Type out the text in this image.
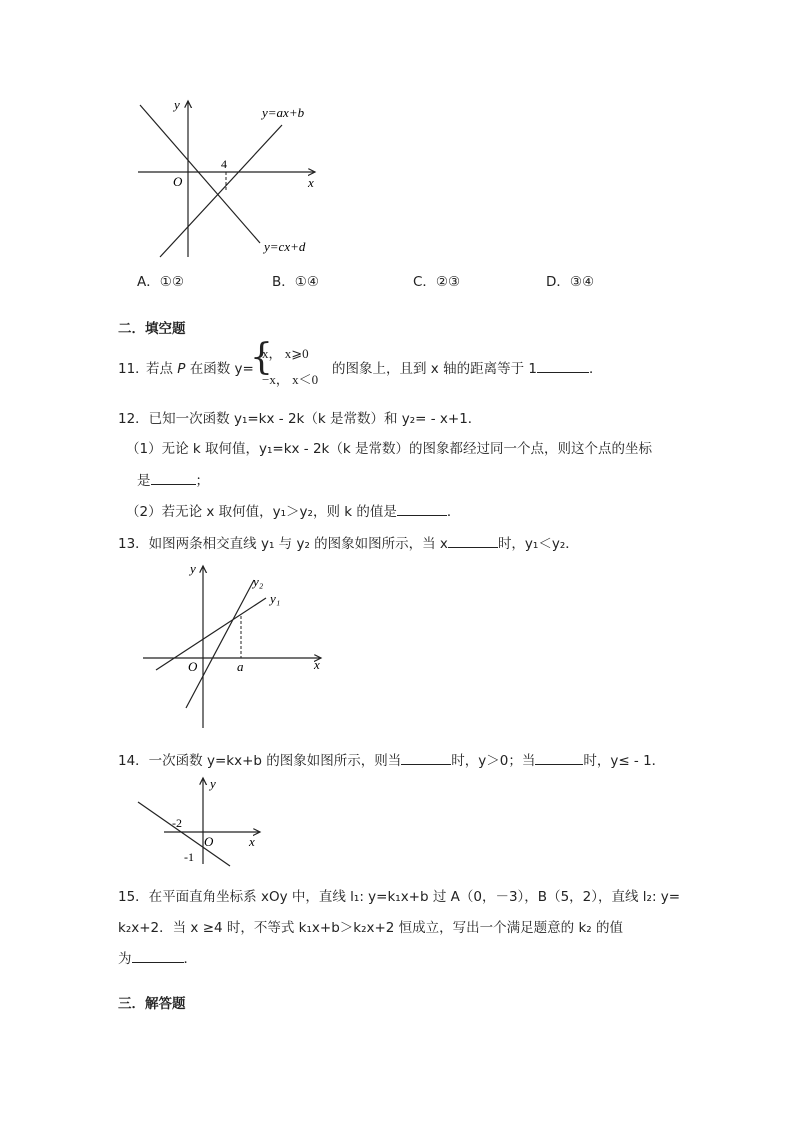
y
x
O
4
y=ax+b
y=cx+d
A．①②	B．①④	C．②③	D．③④
二．填空题
11．
若点 P 在函数 y=
{
x， x⩾0
−x， x＜0
的图象上，且到 x 轴的距离等于 1	．
12．已知一次函数 y₁=kx - 2k（k 是常数）和 y₂= - x+1．
（1）无论 k 取何值，y₁=kx - 2k（k 是常数）的图象都经过同一个点，则这个点的坐标
是	；
（2）若无论 x 取何值，y₁＞y₂，则 k 的值是	．
13．如图两条相交直线 y₁ 与 y₂ 的图象如图所示，当 x	时，y₁＜y₂．
y
x
O	a
y₁
y₂
14．一次函数 y=kx+b 的图象如图所示，则当	时，y＞0；当	时，y≤ - 1．
y
x
O
-2
-1
15．在平面直角坐标系 xOy 中，直线 l₁: y=k₁x+b 过 A（0，－3），B（5，2），直线 l₂: y=
k₂x+2．当 x ≥4 时，不等式 k₁x+b＞k₂x+2 恒成立，写出一个满足题意的 k₂ 的值
为	．
三．解答题
